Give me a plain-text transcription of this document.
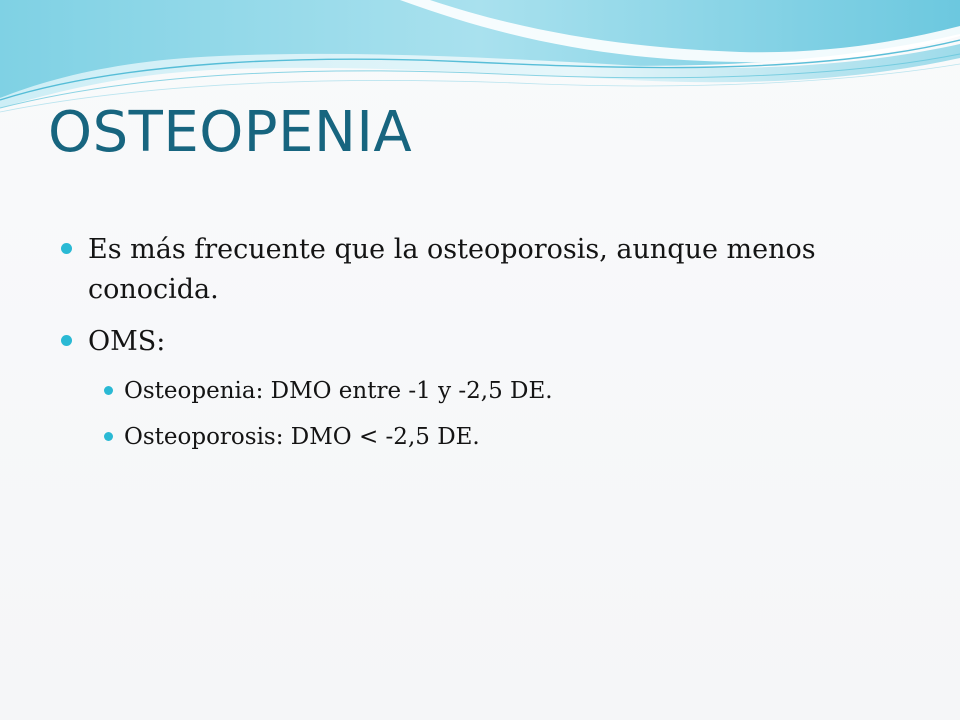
OSTEOPENIA
Es más frecuente que la osteoporosis, aunque menos conocida.
OMS:
Osteopenia: DMO entre -1 y -2,5 DE.
Osteoporosis: DMO < -2,5 DE.
